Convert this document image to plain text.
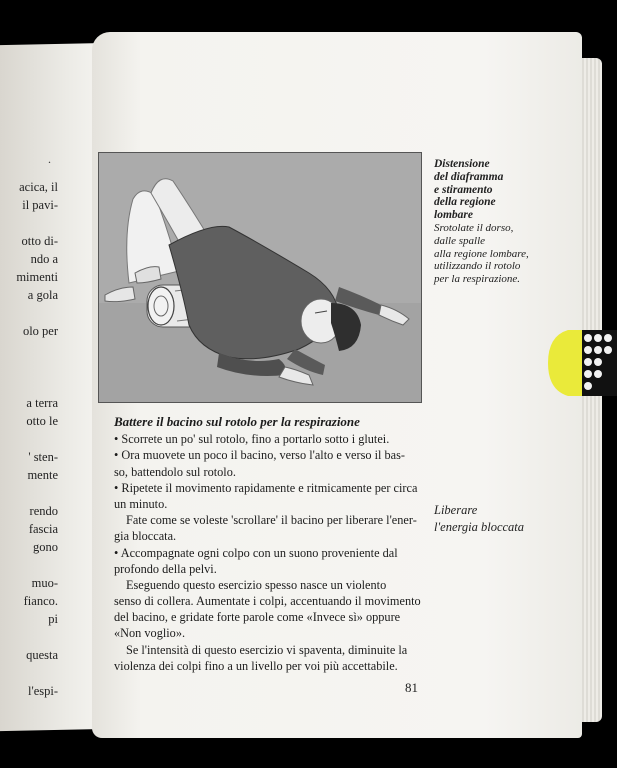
.
acica, il
il pavi-
otto di-
ndo a
mimenti
a gola
olo per
a terra
otto le
' sten-
mente
rendo
fascia
gono
muo-
fianco.
pi
questa
l'espi-
Distensione
del diaframma
e stiramento
della regione
lombare
Srotolate il dorso,
dalle spalle
alla regione lombare,
utilizzando il rotolo
per la respirazione.
Battere il bacino sul rotolo per la respirazione
• Scorrete un po' sul rotolo, fino a portarlo sotto i glutei.
• Ora muovete un poco il bacino, verso l'alto e verso il bas-
so, battendolo sul rotolo.
• Ripetete il movimento rapidamente e ritmicamente per circa
un minuto.
Fate come se voleste 'scrollare' il bacino per liberare l'ener-
gia bloccata.
• Accompagnate ogni colpo con un suono proveniente dal
profondo della pelvi.
Eseguendo questo esercizio spesso nasce un violento
senso di collera. Aumentate i colpi, accentuando il movimento
del bacino, e gridate forte parole come «Invece sì» oppure
«Non voglio».
Se l'intensità di questo esercizio vi spaventa, diminuite la
violenza dei colpi fino a un livello per voi più accettabile.
Liberare
l'energia bloccata
81
